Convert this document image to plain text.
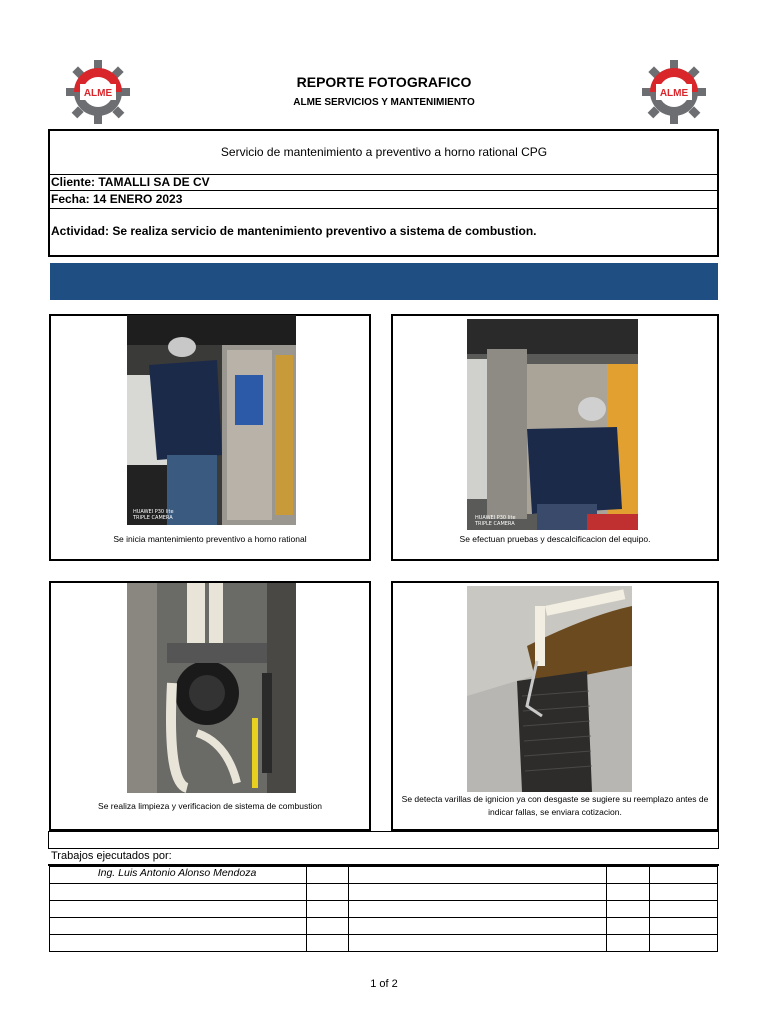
ALME	ALME
REPORTE FOTOGRAFICO
ALME SERVICIOS Y MANTENIMIENTO
Servicio de mantenimiento a preventivo a horno rational CPG
Cliente: TAMALLI SA DE CV
Fecha: 14 ENERO 2023
Actividad: Se realiza servicio de mantenimiento preventivo a sistema de combustion.
HUAWEI P30 lite
TRIPLE CAMERA
Se inicia mantenimiento preventivo a horno rational
HUAWEI P30 lite
TRIPLE CAMERA
Se efectuan pruebas y descalcificacion del equipo.
Se realiza limpieza y verificacion de sistema de combustion
Se detecta varillas de ignicion ya con desgaste se sugiere su reemplazo antes de indicar fallas, se enviara cotizacion.
Trabajos ejecutados por:
Ing. Luis Antonio Alonso Mendoza
1 of 2
